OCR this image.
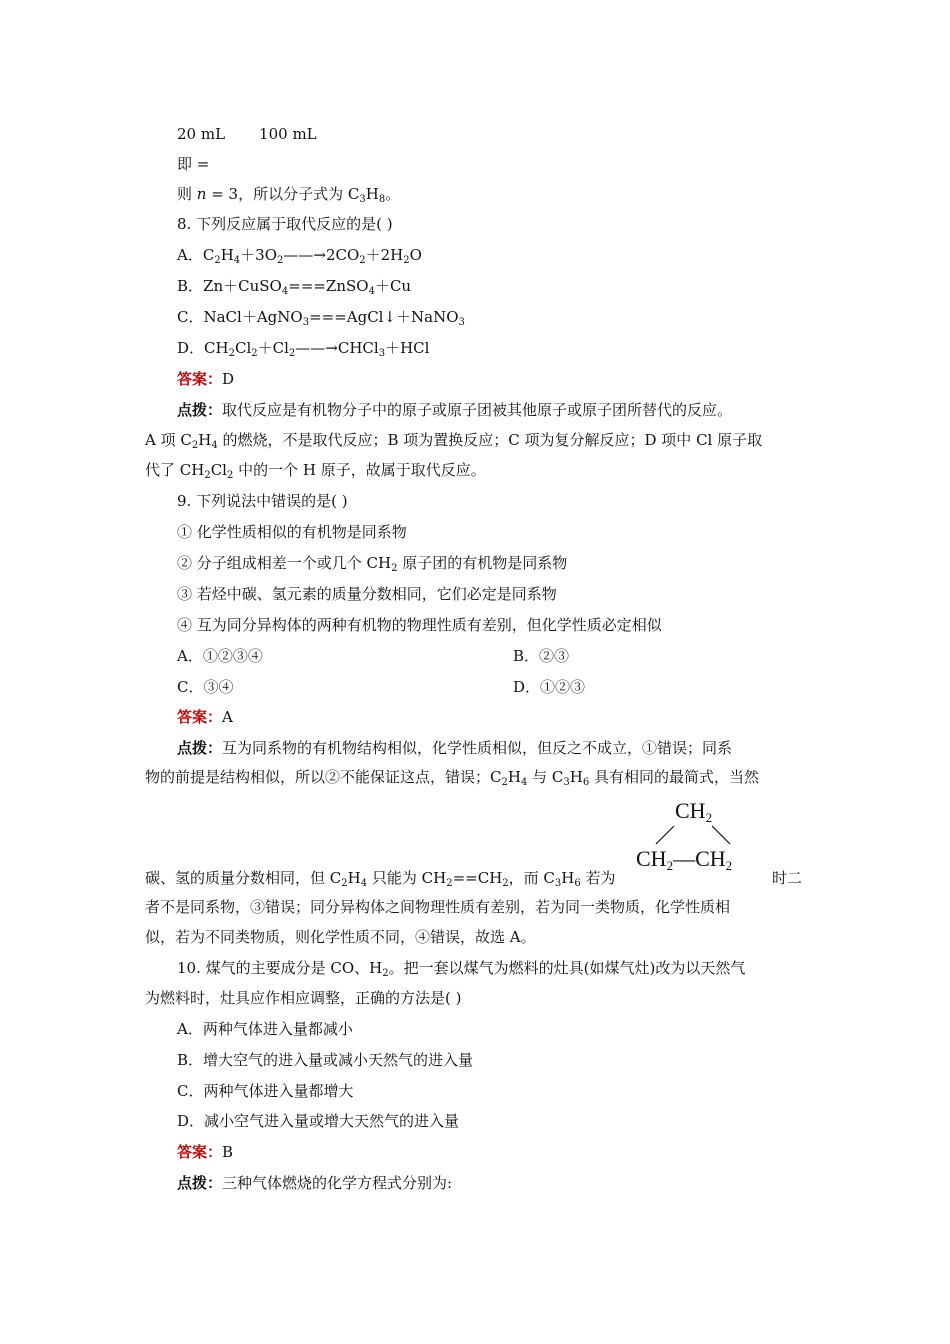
20 mL 100 mL
即 =
则 n = 3，所以分子式为 $C_3H_8$。
8. 下列反应属于取代反应的是( )
A．$C_2H_4+3O_2——\to 2CO_2+2H_2O$
B．Zn＋CuSO$_4$===ZnSO$_4$＋Cu
C．NaCl＋AgNO$_3$===AgCl↓＋NaNO$_3$
D．$CH_2Cl_2+Cl_2——\to CHCl_3+HCl$
答案：D
点拨：取代反应是有机物分子中的原子或原子团被其他原子或原子团所替代的反应。
A 项 $C_2H_4$ 的燃烧，不是取代反应；B 项为置换反应；C 项为复分解反应；D 项中 Cl 原子取
代了 $CH_2Cl_2$ 中的一个 H 原子，故属于取代反应。
9. 下列说法中错误的是( )
① 化学性质相似的有机物是同系物
② 分子组成相差一个或几个 $CH_2$ 原子团的有机物是同系物
③ 若烃中碳、氢元素的质量分数相同，它们必定是同系物
④ 互为同分异构体的两种有机物的物理性质有差别，但化学性质必定相似
A．①②③④	B．②③
C．③④	D．①②③
答案：A
点拨：互为同系物的有机物结构相似，化学性质相似，但反之不成立，①错误；同系
物的前提是结构相似，所以②不能保证这点，错误；$C_2H_4$ 与 $C_3H_6$ 具有相同的最简式，当然
$CH_2$
$CH_2—CH_2$
碳、氢的质量分数相同，但 $C_2H_4$ 只能为 $CH_2==CH_2$，而 $C_3H_6$ 若为	时二
者不是同系物，③错误；同分异构体之间物理性质有差别，若为同一类物质，化学性质相
似，若为不同类物质，则化学性质不同，④错误，故选 A。
10. 煤气的主要成分是 CO、$H_2$。把一套以煤气为燃料的灶具(如煤气灶)改为以天然气
为燃料时，灶具应作相应调整，正确的方法是( )
A．两种气体进入量都减小
B．增大空气的进入量或减小天然气的进入量
C．两种气体进入量都增大
D．减小空气进入量或增大天然气的进入量
答案：B
点拨：三种气体燃烧的化学方程式分别为:
